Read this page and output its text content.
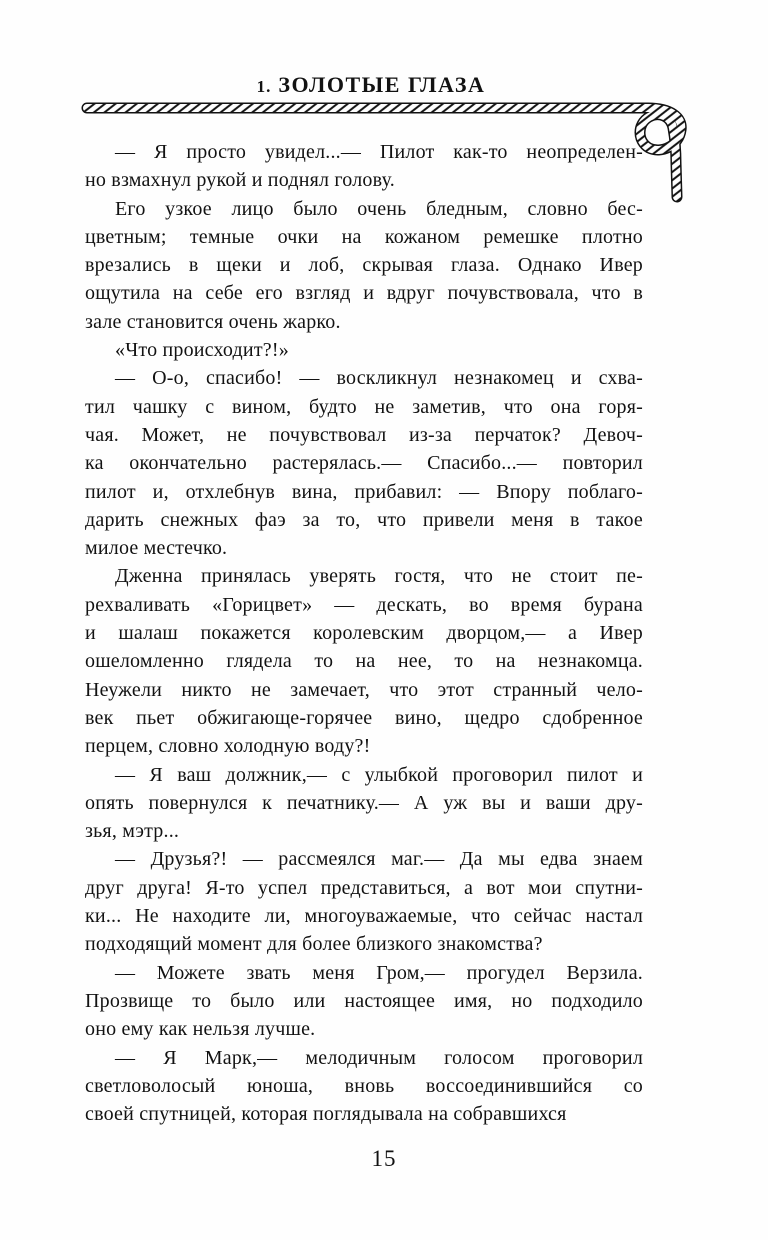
1. ЗОЛОТЫЕ ГЛАЗА
— Я просто увидел...— Пилот как-то неопределен-
но взмахнул рукой и поднял голову.
Его узкое лицо было очень бледным, словно бес-
цветным; темные очки на кожаном ремешке плотно
врезались в щеки и лоб, скрывая глаза. Однако Ивер
ощутила на себе его взгляд и вдруг почувствовала, что в
зале становится очень жарко.
«Что происходит?!»
— О-о, спасибо! — воскликнул незнакомец и схва-
тил чашку с вином, будто не заметив, что она горя-
чая. Может, не почувствовал из-за перчаток? Девоч-
ка окончательно растерялась.— Спасибо...— повторил
пилот и, отхлебнув вина, прибавил: — Впору поблаго-
дарить снежных фаэ за то, что привели меня в такое
милое местечко.
Дженна принялась уверять гостя, что не стоит пе-
рехваливать «Горицвет» — дескать, во время бурана
и шалаш покажется королевским дворцом,— а Ивер
ошеломленно глядела то на нее, то на незнакомца.
Неужели никто не замечает, что этот странный чело-
век пьет обжигающе-горячее вино, щедро сдобренное
перцем, словно холодную воду?!
— Я ваш должник,— с улыбкой проговорил пилот и
опять повернулся к печатнику.— А уж вы и ваши дру-
зья, мэтр...
— Друзья?! — рассмеялся маг.— Да мы едва знаем
друг друга! Я-то успел представиться, а вот мои спутни-
ки... Не находите ли, многоуважаемые, что сейчас настал
подходящий момент для более близкого знакомства?
— Можете звать меня Гром,— прогудел Верзила.
Прозвище то было или настоящее имя, но подходило
оно ему как нельзя лучше.
— Я Марк,— мелодичным голосом проговорил
светловолосый юноша, вновь воссоединившийся со
своей спутницей, которая поглядывала на собравшихся
15
